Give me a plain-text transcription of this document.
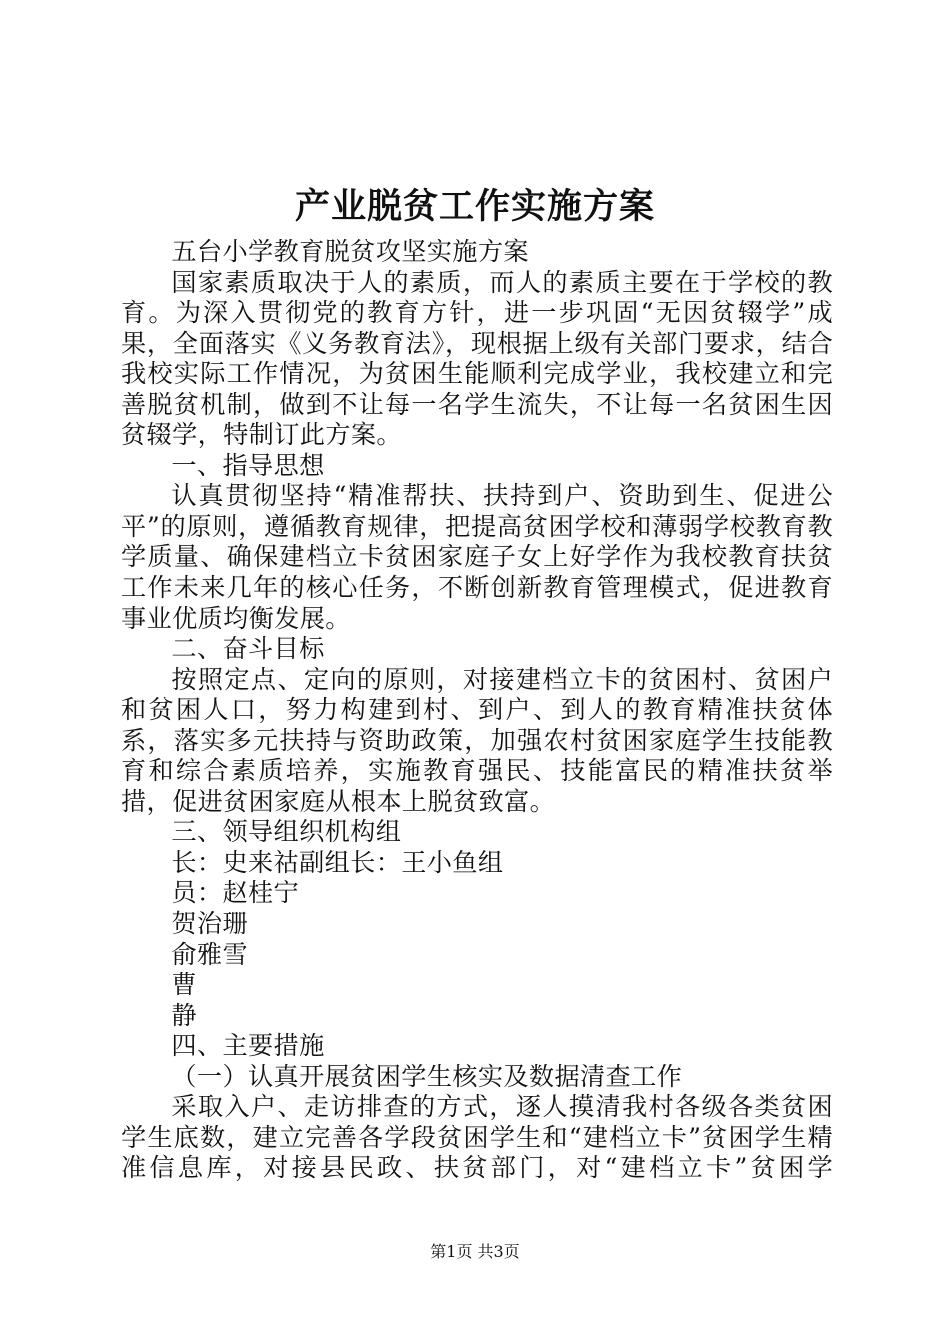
产业脱贫工作实施方案

五台小学教育脱贫攻坚实施方案

国家素质取决于人的素质，而人的素质主要在于学校的教育。为深入贯彻党的教育方针，进一步巩固“无因贫辍学”成果，全面落实《义务教育法》，现根据上级有关部门要求，结合我校实际工作情况，为贫困生能顺利完成学业，我校建立和完善脱贫机制，做到不让每一名学生流失，不让每一名贫困生因贫辍学，特制订此方案。

一、指导思想

认真贯彻坚持“精准帮扶、扶持到户、资助到生、促进公平”的原则，遵循教育规律，把提高贫困学校和薄弱学校教育教学质量、确保建档立卡贫困家庭子女上好学作为我校教育扶贫工作未来几年的核心任务，不断创新教育管理模式，促进教育事业优质均衡发展。

二、奋斗目标

按照定点、定向的原则，对接建档立卡的贫困村、贫困户和贫困人口，努力构建到村、到户、到人的教育精准扶贫体系，落实多元扶持与资助政策，加强农村贫困家庭学生技能教育和综合素质培养，实施教育强民、技能富民的精准扶贫举措，促进贫困家庭从根本上脱贫致富。

三、领导组织机构组

长：史来祜副组长：王小鱼组

员：赵桂宁

贺治珊

俞雅雪

曹

静

四、主要措施

（一）认真开展贫困学生核实及数据清查工作

采取入户、走访排查的方式，逐人摸清我村各级各类贫困学生底数，建立完善各学段贫困学生和“建档立卡”贫困学生精准信息库，对接县民政、扶贫部门，对“建档立卡”贫困学

第1页 共3页
